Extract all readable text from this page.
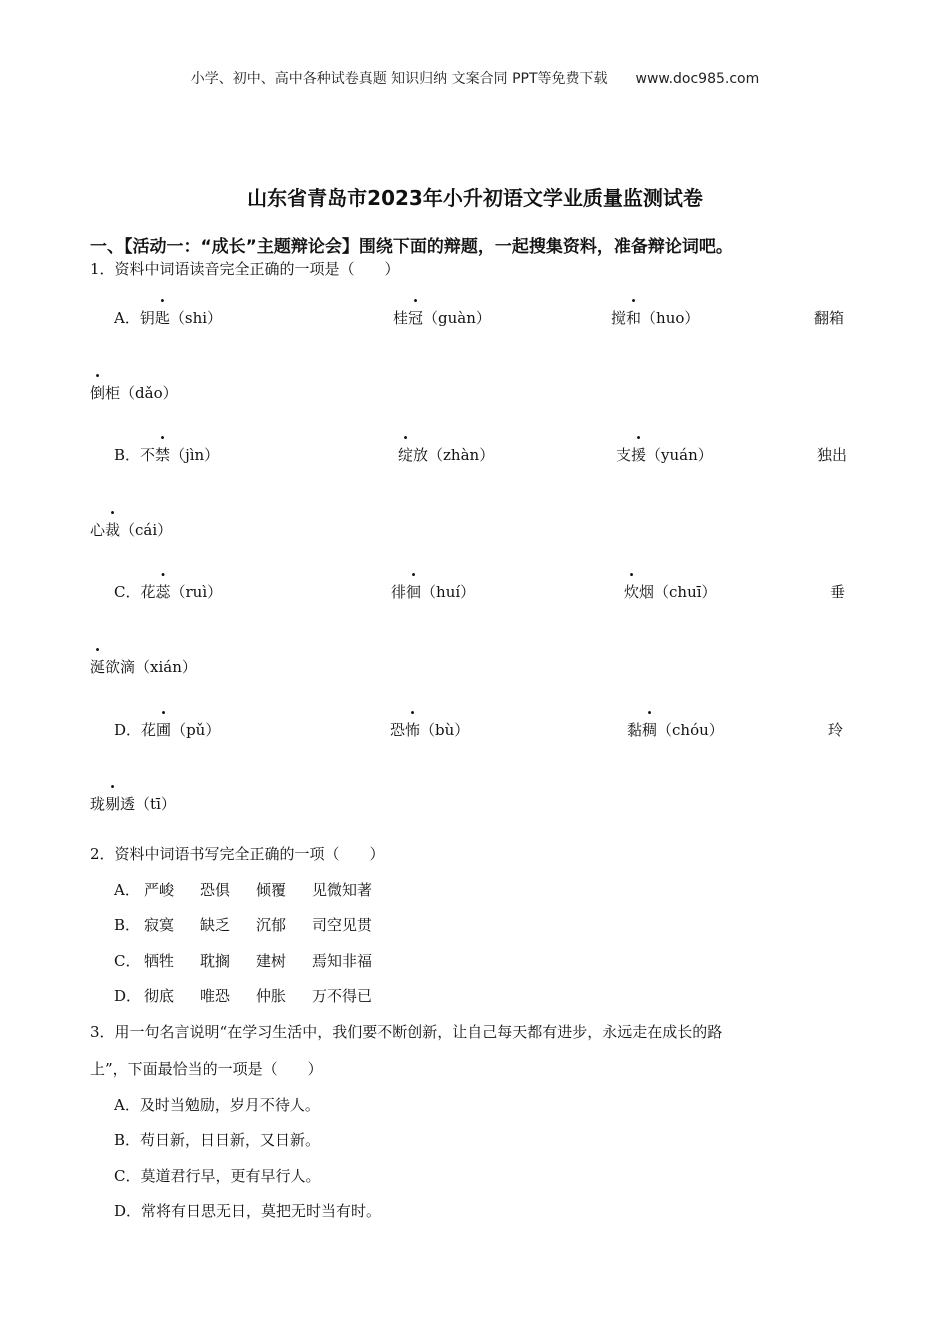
小学、初中、高中各种试卷真题 知识归纳 文案合同 PPT等免费下载 www.doc985.com
山东省青岛市2023年小升初语文学业质量监测试卷
一、【活动一：“成长”主题辩论会】围绕下面的辩题，一起搜集资料，准备辩论词吧。
1．资料中词语读音完全正确的一项是（　　）
A．钥匙（shi）	桂冠（guàn）	搅和（huo）	翻箱
倒柜（dǎo）
B．不禁（jìn）	绽放（zhàn）	支援（yuán）	独出
心裁（cái）
C．花蕊（ruì）	徘徊（huí）	炊烟（chuī）	垂
涎欲滴（xián）
D．花圃（pǔ）	恐怖（bù）	黏稠（chóu）	玲
珑剔透（tī）
2．资料中词语书写完全正确的一项（　　）
A． 严峻 恐俱 倾覆 见微知著
B． 寂寞 缺乏 沉郁 司空见贯
C． 牺牲 耽搁 建树 焉知非福
D． 彻底 唯恐 仲胀 万不得已
3．用一句名言说明“在学习生活中，我们要不断创新，让自己每天都有进步，永远走在成长的路
上”，下面最恰当的一项是（　　）
A．及时当勉励，岁月不待人。
B．苟日新，日日新，又日新。
C．莫道君行早，更有早行人。
D．常将有日思无日，莫把无时当有时。
